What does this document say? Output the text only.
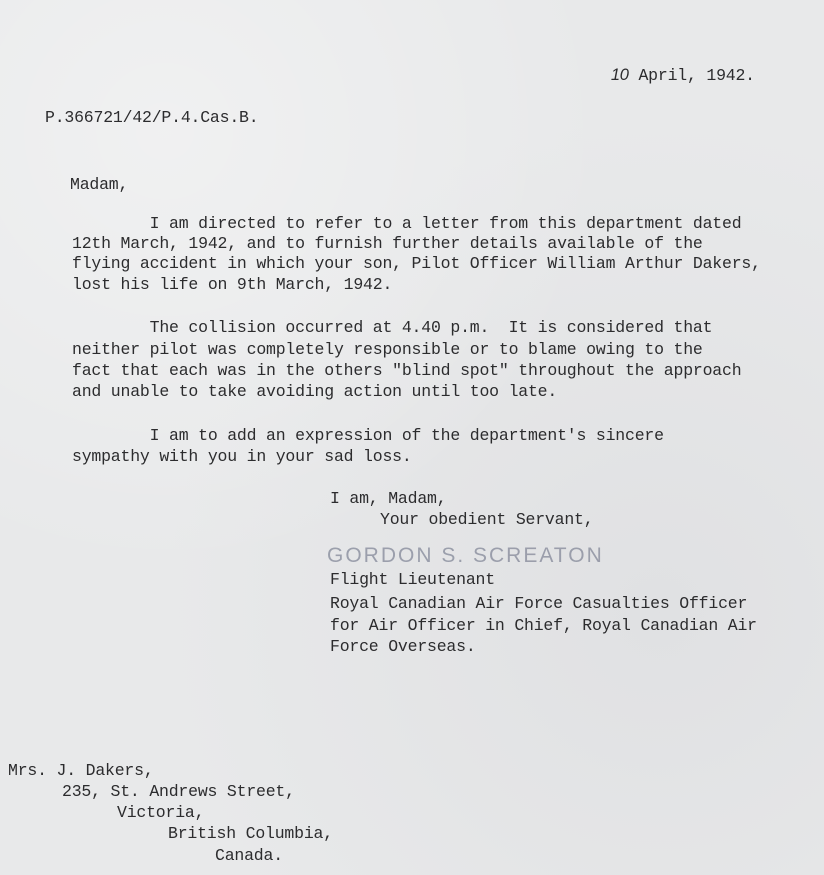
10 April, 1942.

P.366721/42/P.4.Cas.B.
Madam,
I am directed to refer to a letter from this department dated
12th March, 1942, and to furnish further details available of the
flying accident in which your son, Pilot Officer William Arthur Dakers,
lost his life on 9th March, 1942.
The collision occurred at 4.40 p.m.  It is considered that
neither pilot was completely responsible or to blame owing to the
fact that each was in the others "blind spot" throughout the approach
and unable to take avoiding action until too late.
I am to add an expression of the department's sincere
sympathy with you in your sad loss.
I am, Madam,
Your obedient Servant,
GORDON S. SCREATON
Flight Lieutenant
Royal Canadian Air Force Casualties Officer
for Air Officer in Chief, Royal Canadian Air
Force Overseas.
Mrs. J. Dakers,
235, St. Andrews Street,
Victoria,
British Columbia,
Canada.
